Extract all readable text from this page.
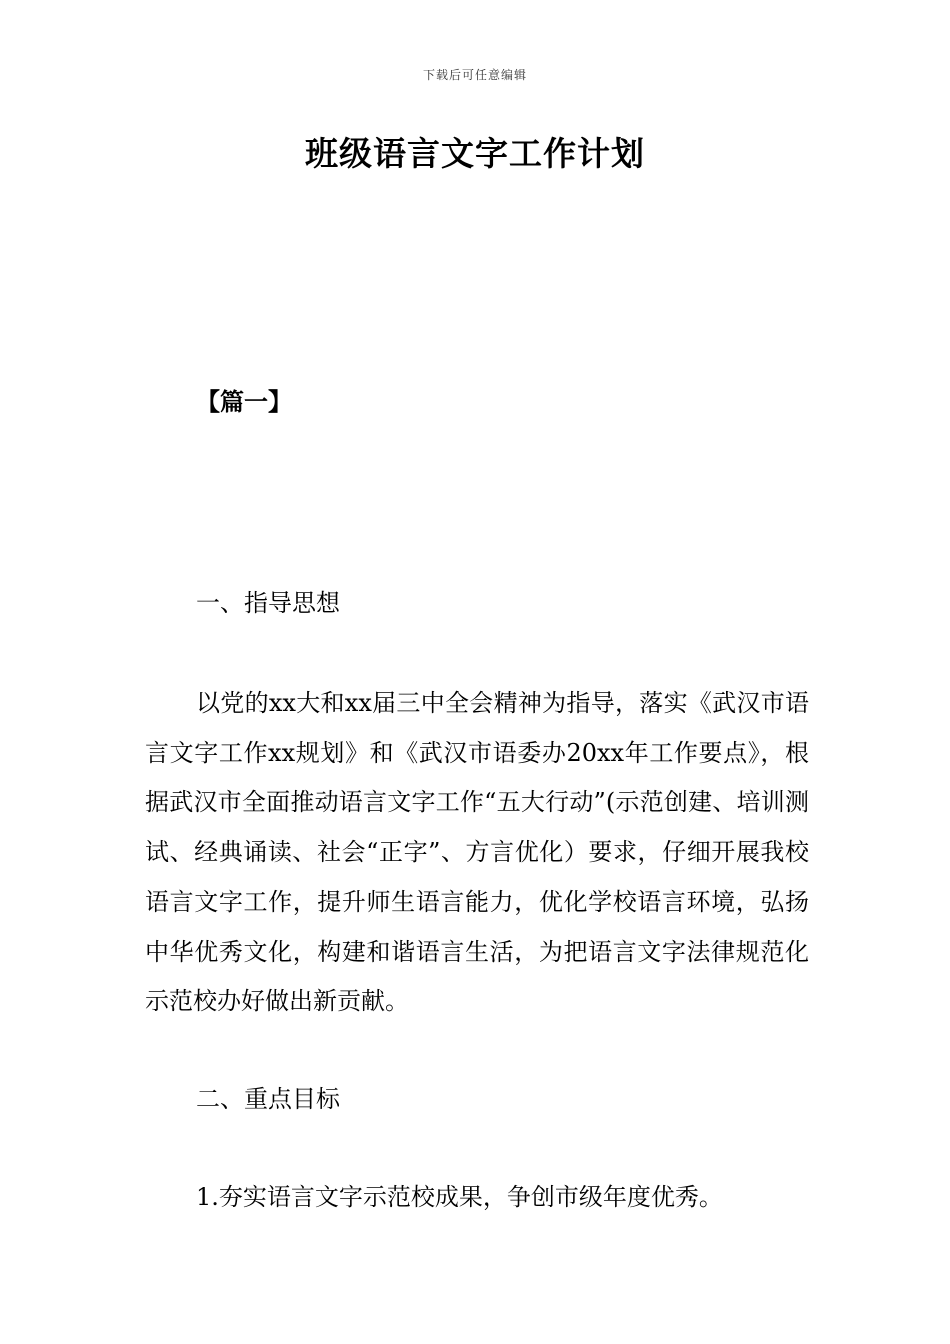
下载后可任意编辑
班级语言文字工作计划
【篇一】
一、指导思想

以党的xx大和xx届三中全会精神为指导，落实《武汉市语言文字工作xx规划》和《武汉市语委办20xx年工作要点》，根据武汉市全面推动语言文字工作“五大行动”(示范创建、培训测试、经典诵读、社会“正字”、方言优化）要求，仔细开展我校语言文字工作，提升师生语言能力，优化学校语言环境，弘扬中华优秀文化，构建和谐语言生活，为把语言文字法律规范化示范校办好做出新贡献。

二、重点目标
1.夯实语言文字示范校成果，争创市级年度优秀。
